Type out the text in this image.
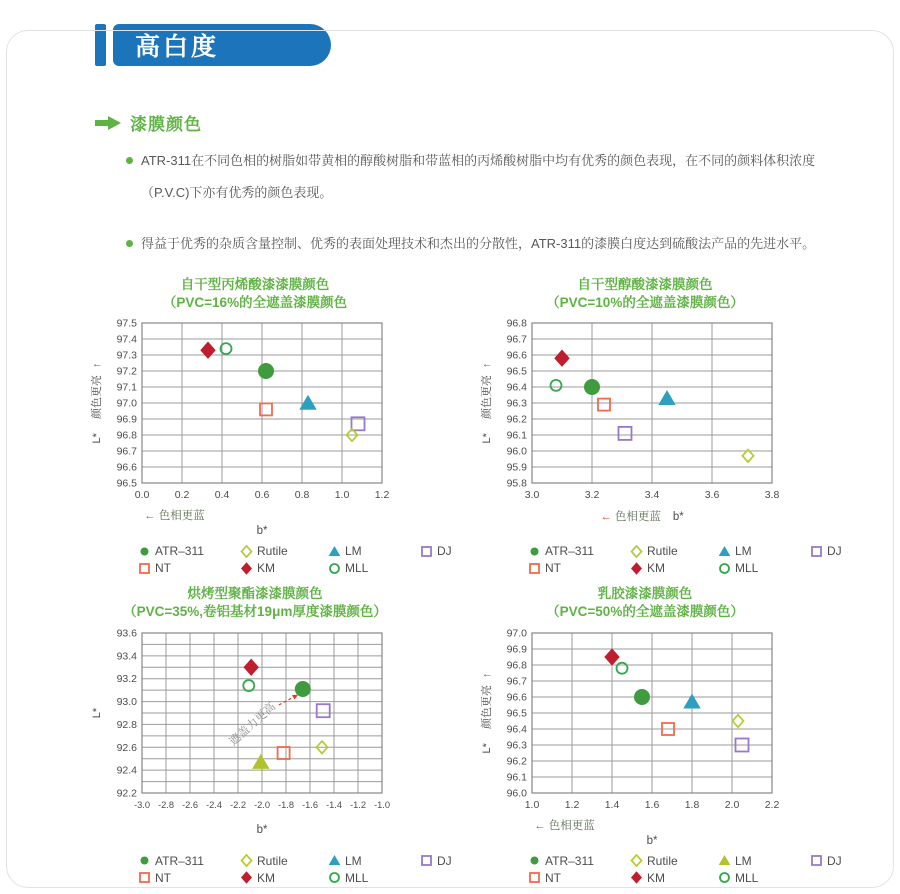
高白度
漆膜颜色
ATR-311在不同色相的树脂如带黄相的醇酸树脂和带蓝相的丙烯酸树脂中均有优秀的颜色表现，在不同的颜料体积浓度
（P.V.C)下亦有优秀的颜色表现。
得益于优秀的杂质含量控制、优秀的表面处理技术和杰出的分散性，ATR-311的漆膜白度达到硫酸法产品的先进水平。
自干型丙烯酸漆漆膜颜色
（PVC=16%的全遮盖漆膜颜色
0.0 0.2 0.4 0.6 0.8 1.0 1.2
97.5
97.4
97.3
97.2
97.1
97.0
96.9
96.8
96.7
96.6
96.5
L*颜色更亮↑
← 色相更蓝
b*
ATR–311	Rutile	LM	DJ
NT	KM	MLL
自干型醇酸漆漆膜颜色
（PVC=10%的全遮盖漆膜颜色）
3.0	3.2	3.4	3.6	3.8
96.8
96.7
96.6
96.5
96.4
96.3
96.2
96.1
96.0
95.9
95.8
L*颜色更亮↑
← 色相更蓝 b*
ATR–311	Rutile	LM	DJ
NT	KM	MLL
烘烤型聚酯漆漆膜颜色
（PVC=35%,卷铝基材19μm厚度漆膜颜色）
-3.0 -2.8 -2.6 -2.4 -2.2 -2.0 -1.8 -1.6 -1.4 -1.2 -1.0
93.6
93.4
93.2
93.0
92.8
92.6
92.4
92.2
L*
b*
遮盖力更高
ATR–311	Rutile	LM	DJ
NT	KM	MLL
乳胶漆漆膜颜色
（PVC=50%的全遮盖漆膜颜色）
1.0 1.2 1.4 1.6 1.8 2.0 2.2
97.0
96.9
96.8
96.7
96.6
96.5
96.4
96.3
96.2
96.1
96.0
L*颜色更亮↑
← 色相更蓝
b*
ATR–311	Rutile	LM	DJ
NT	KM	MLL
